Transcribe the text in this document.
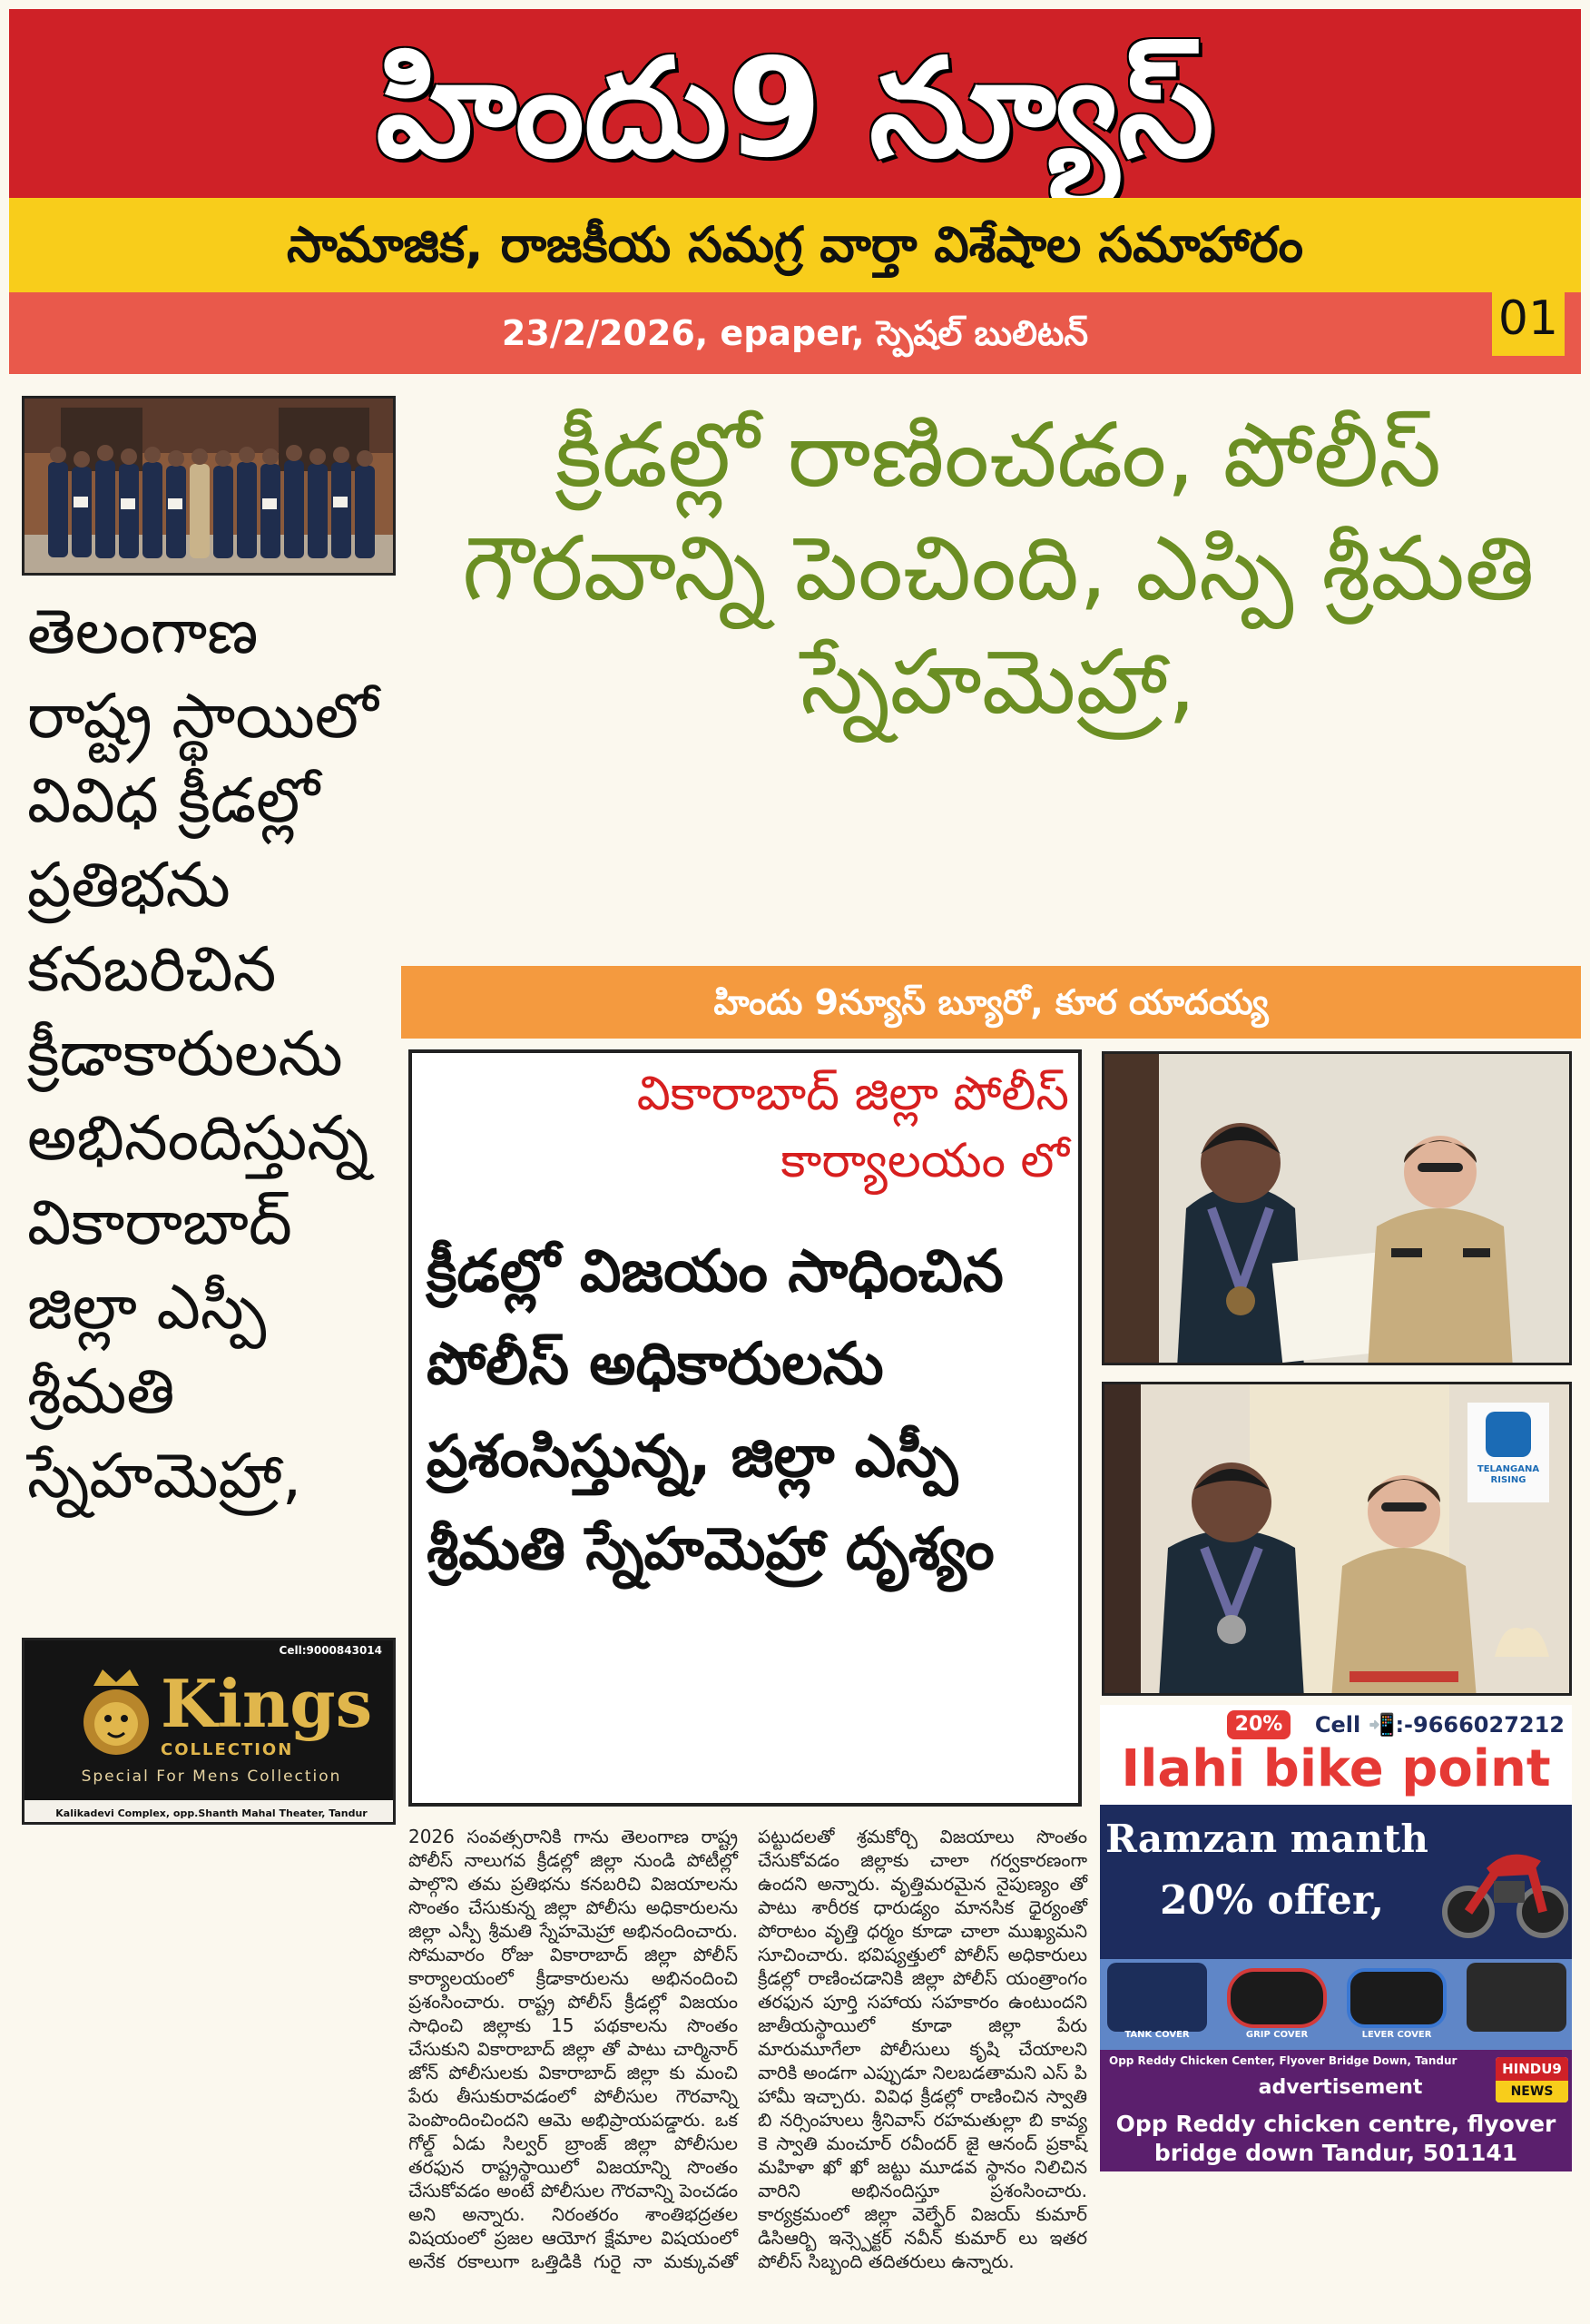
హిందు9 న్యూస్
సామాజిక, రాజకీయ సమగ్ర వార్తా విశేషాల సమాహారం
23/2/2026, epaper, స్పెషల్ బులిటన్	01
తెలంగాణ రాష్ట్ర స్థాయిలో వివిధ క్రీడల్లో ప్రతిభను కనబరిచిన క్రీడాకారులను అభినందిస్తున్న వికారాబాద్ జిల్లా ఎస్పీ శ్రీమతి స్నేహమెహ్రా,
Cell:9000843014
Kings
COLLECTION
Special For Mens Collection
Kalikadevi Complex, opp.Shanth Mahal Theater, Tandur
క్రీడల్లో రాణించడం, పోలీస్ గౌరవాన్ని పెంచింది, ఎస్పి శ్రీమతి స్నేహమెహ్రా,
హిందు 9న్యూస్ బ్యూరో, కూర యాదయ్య
వికారాబాద్ జిల్లా పోలీస్ కార్యాలయం లో
క్రీడల్లో విజయం సాధించిన పోలీస్ అధికారులను ప్రశంసిస్తున్న, జిల్లా ఎస్పీ శ్రీమతి స్నేహమెహ్రా దృశ్యం
TELANGANA RISING
20%	Cell 📲:-9666027212
Ilahi bike point
Ramzan manth
20% offer,
TANK COVER	GRIP COVER	LEVER COVER
Opp Reddy Chicken Center, Flyover Bridge Down, Tandur
advertisement
HINDU9
NEWS
Opp Reddy chicken centre, flyover bridge down Tandur, 501141
2026 సంవత్సరానికి గాను తెలంగాణ రాష్ట్ర పోలీస్ నాలుగవ క్రీడల్లో జిల్లా నుండి పోటీల్లో పాల్గొని తమ ప్రతిభను కనబరిచి విజయాలను సొంతం చేసుకున్న జిల్లా పోలీసు అధికారులను జిల్లా ఎస్పీ శ్రీమతి స్నేహమెహ్రా అభినందించారు. సోమవారం రోజు వికారాబాద్ జిల్లా పోలీస్ కార్యాలయంలో క్రీడాకారులను అభినందించి ప్రశంసించారు. రాష్ట్ర పోలీస్ క్రీడల్లో విజయం సాధించి జిల్లాకు 15 పథకాలను సొంతం చేసుకుని వికారాబాద్ జిల్లా తో పాటు చార్మినార్ జోన్ పోలీసులకు వికారాబాద్ జిల్లా కు మంచి పేరు తీసుకురావడంలో పోలీసుల గౌరవాన్ని పెంపొందించిందని ఆమె అభిప్రాయపడ్డారు. ఒక గోల్డ్ ఏడు సిల్వర్ బ్రాంజ్ జిల్లా పోలీసుల తరఫున రాష్ట్రస్థాయిలో విజయాన్ని సొంతం చేసుకోవడం అంటే పోలీసుల గౌరవాన్ని పెంచడం అని అన్నారు. నిరంతరం శాంతిభద్రతల విషయంలో ప్రజల ఆయోగ క్షేమాల విషయంలో అనేక రకాలుగా ఒత్తిడికి గురై నా మక్కువతో పట్టుదలతో శ్రమకోర్చి విజయాలు సొంతం చేసుకోవడం జిల్లాకు చాలా గర్వకారణంగా ఉందని అన్నారు. వృత్తిమరమైన నైపుణ్యం తో పాటు శారీరక ధారుడ్యం మానసిక ధైర్యంతో పోరాటం వృత్తి ధర్మం కూడా చాలా ముఖ్యమని సూచించారు. భవిష్యత్తులో పోలీస్ అధికారులు క్రీడల్లో రాణించడానికి జిల్లా పోలీస్ యంత్రాంగం తరఫున పూర్తి సహాయ సహకారం ఉంటుందని జాతీయస్థాయిలో కూడా జిల్లా పేరు మారుమూగేలా పోలీసులు కృషి చేయాలని వారికి అండగా ఎప్పుడూ నిలబడతామని ఎస్ పి హామీ ఇచ్చారు. వివిధ క్రీడల్లో రాణించిన స్వాతి బి నర్సింహులు శ్రీనివాస్ రహమతుల్లా బి కావ్య కె స్వాతి మంచూర్ రవీందర్ జై ఆనంద్ ప్రకాష్ మహిళా ఖో ఖో జట్టు మూడవ స్థానం నిలిచిన వారిని అభినందిస్తూ ప్రశంసించారు. కార్యక్రమంలో జిల్లా వెల్ఫేర్ విజయ్ కుమార్ డిసిఆర్బి ఇన్స్పెక్టర్ నవీన్ కుమార్ లు ఇతర పోలీస్ సిబ్బంది తదితరులు ఉన్నారు.
